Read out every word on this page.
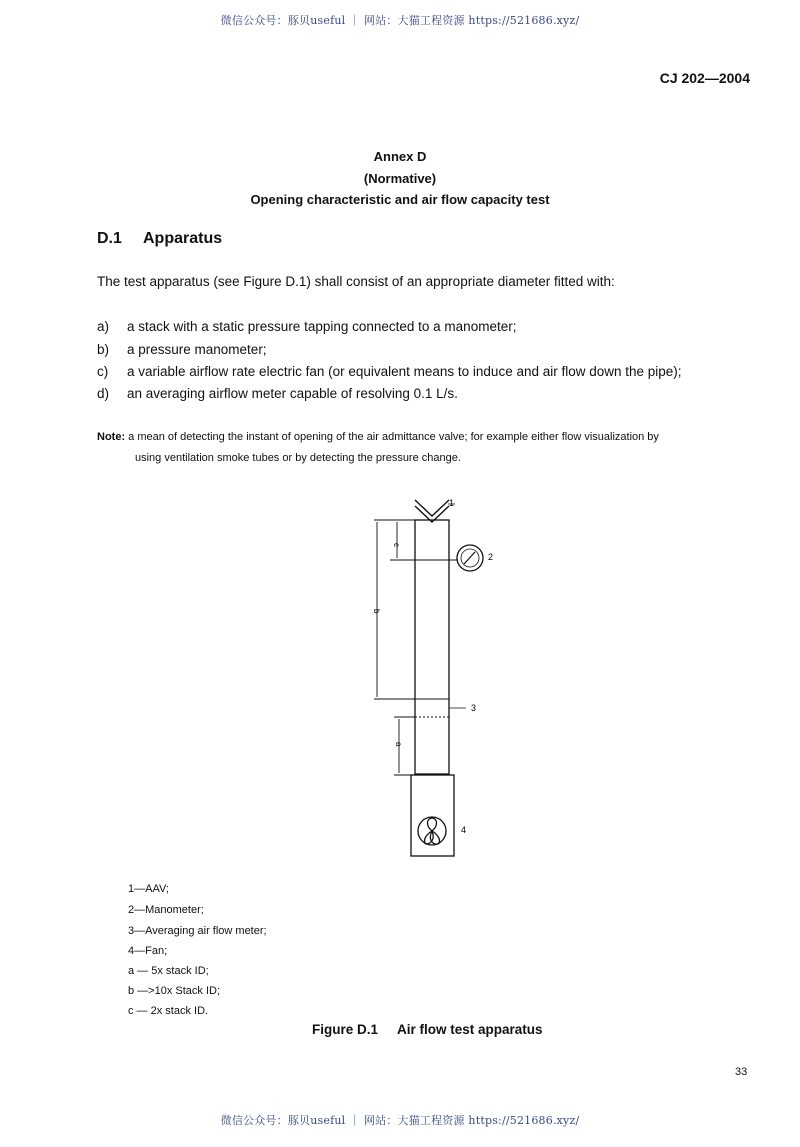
微信公众号：豚贝useful ｜ 网站：大猫工程资源 https://521686.xyz/
CJ 202—2004
Annex D
(Normative)
Opening characteristic and air flow capacity test
D.1 Apparatus
The test apparatus (see Figure D.1) shall consist of an appropriate diameter fitted with:
a) a stack with a static pressure tapping connected to a manometer;
b) a pressure manometer;
c) a variable airflow rate electric fan (or equivalent means to induce and air flow down the pipe);
d) an averaging airflow meter capable of resolving 0.1 L/s.
Note: a mean of detecting the instant of opening of the air admittance valve; for example either flow visualization by
using ventilation smoke tubes or by detecting the pressure change.
1
2
3
4
c
b
a
1—AAV;
2—Manometer;
3—Averaging air flow meter;
4—Fan;
a — 5x stack ID;
b —>10x Stack ID;
c — 2x stack ID.
Figure D.1 Air flow test apparatus
33
微信公众号：豚贝useful ｜ 网站：大猫工程资源 https://521686.xyz/
